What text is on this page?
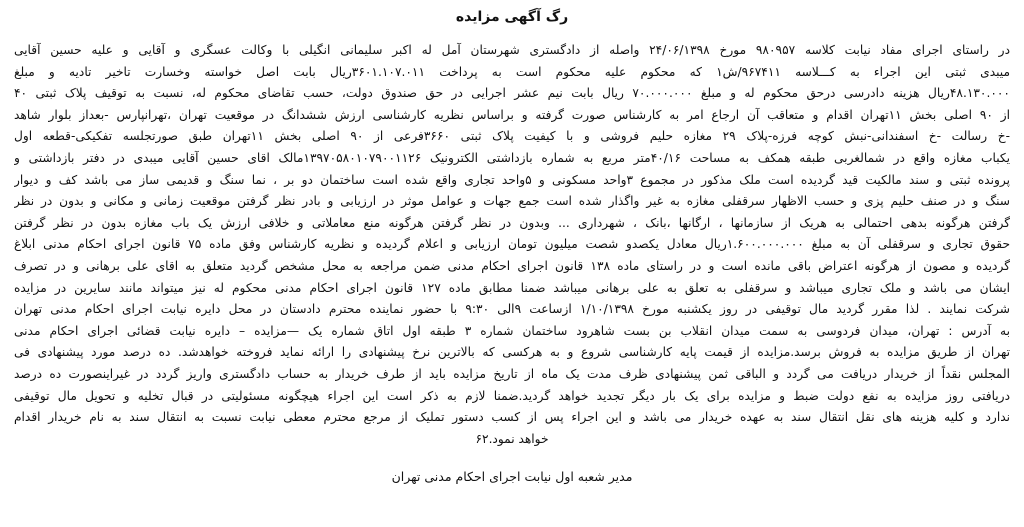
رگ آگهی مزایده
در راستای اجرای مفاد نیابت کلاسه ۹۸۰۹۵۷ مورخ ۲۴/۰۶/۱۳۹۸ واصله از دادگستری شهرستان آمل له اکبر سلیمانی انگیلی با وکالت عسگری و آقایی و علیه حسین آقایی
میبدی ثبتی این اجراء به کـــلاسه ۹۶۷۴۱۱/ش۱ که محکوم علیه محکوم است به پرداخت ۳۶۰۱.۱۰۷.۰۱۱ریال بابت اصل خواسته وخسارت تاخیر تادیه و مبلغ
۴۸.۱۳۰.۰۰۰ریال هزینه دادرسی درحق محکوم له و مبلغ ۷۰.۰۰۰.۰۰۰ ریال بابت نیم عشر اجرایی در حق صندوق دولت، حسب تقاضای محکوم له، نسبت به توقیف پلاک ثبتی ۴۰
از ۹۰ اصلی بخش ۱۱تهران اقدام و متعاقب آن ارجاع امر به کارشناس صورت گرفته و براساس نظریه کارشناسی ارزش ششدانگ در موقعیت تهران ،تهرانپارس -بعداز بلوار شاهد
-خ رسالت -خ اسفندانی-نبش کوچه فرزه-پلاک ۲۹ مغازه حلیم فروشی و با کیفیت پلاک ثبتی ۳۶۶۰فرعی از ۹۰ اصلی بخش ۱۱تهران طبق صورتجلسه تفکیکی-قطعه اول
یکباب مغازه واقع در شمالغربی طبقه همکف به مساحت ۴۰/۱۶متر مربع به شماره بازداشتی الکترونیک ۱۳۹۷۰۵۸۰۱۰۷۹۰۰۱۱۲۶مالک اقای حسین آقایی میبدی در دفتر بازداشتی و
پرونده ثبتی و سند مالکیت قید گردیده است ملک مذکور در مجموع ۳واحد مسکونی و ۵واحد تجاری واقع شده است ساختمان دو بر ، نما سنگ و قدیمی ساز می باشد کف و دیوار
سنگ و در صنف حلیم پزی و حسب الاظهار سرقفلی مغازه به غیر واگذار شده است جمع جهات و عوامل موثر در ارزیابی و بادر نظر گرفتن موقعیت زمانی و مکانی و بدون در نظر
گرفتن هرگونه بدهی احتمالی به هریک از سازمانها ، ارگانها ،بانک ، شهرداری ... وبدون در نظر گرفتن هرگونه منع معاملاتی و خلافی ارزش یک باب مغازه بدون در نظر گرفتن
حقوق تجاری و سرقفلی آن به مبلغ ۱.۶۰۰.۰۰۰.۰۰۰ریال معادل یکصدو شصت میلیون تومان ارزیابی و اعلام گردیده و نظریه کارشناس وفق ماده ۷۵ قانون اجرای احکام مدنی ابلاغ
گردیده و مصون از هرگونه اعتراض باقی مانده است و در راستای ماده ۱۳۸ قانون اجرای احکام مدنی ضمن مراجعه به محل مشخص گردید متعلق به اقای علی برهانی و در تصرف
ایشان می باشد و ملک تجاری میباشد و سرقفلی به تعلق به علی برهانی میباشد ضمنا مطابق ماده ۱۲۷ قانون اجرای احکام مدنی محکوم له نیز میتواند مانند سایرین در مزایده
شرکت نمایند . لذا مقرر گردید مال توقیفی در روز یکشنبه مورخ ۱/۱۰/۱۳۹۸ ازساعت ۹الی ۹:۳۰ با حضور نماینده محترم دادستان در محل دایره نیابت اجرای احکام مدنی تهران
به آدرس : تهران، میدان فردوسی به سمت میدان انقلاب بن بست شاهرود ساختمان شماره ۳ طبقه اول اتاق شماره یک —مزایده – دایره نیابت قضائی اجرای احکام مدنی
تهران از طریق مزایده به فروش برسد.مزایده از قیمت پایه کارشناسی شروع و به هرکسی که بالاترین نرخ پیشنهادی را ارائه نماید فروخته خواهدشد. ده درصد مورد پیشنهادی فی
المجلس نقداً از خریدار دریافت می گردد و الباقی ثمن پیشنهادی ظرف مدت یک ماه از تاریخ مزایده باید از طرف خریدار به حساب دادگستری واریز گردد در غیراینصورت ده درصد
دریافتی روز مزایده به نفع دولت ضبط و مزایده برای یک بار دیگر تجدید خواهد گردید.ضمنا لازم به ذکر است این اجراء هیچگونه مسئولیتی در قبال تخلیه و تحویل مال توقیفی
ندارد و کلیه هزینه های نقل انتقال سند به عهده خریدار می باشد و این اجراء پس از کسب دستور تملیک از مرجع محترم معطی نیابت نسبت به انتقال سند به نام خریدار اقدام
خواهد نمود.۶۲
مدیر شعبه اول نیابت اجرای احکام مدنی تهران
